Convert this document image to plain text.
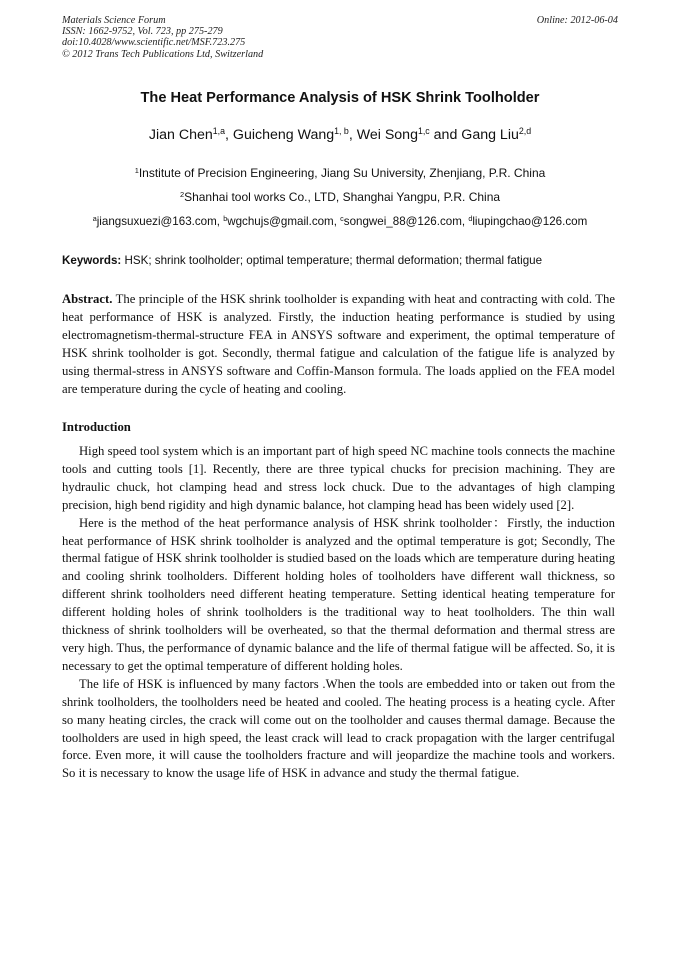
Materials Science Forum
ISSN: 1662-9752, Vol. 723, pp 275-279
doi:10.4028/www.scientific.net/MSF.723.275
© 2012 Trans Tech Publications Ltd, Switzerland
Online: 2012-06-04
The Heat Performance Analysis of HSK Shrink Toolholder
Jian Chen$^{1,a}$, Guicheng Wang$^{1, b}$, Wei Song$^{1,c}$ and Gang Liu$^{2,d}$
$^1$Institute of Precision Engineering, Jiang Su University, Zhenjiang, P.R. China
$^2$Shanhai tool works Co., LTD, Shanghai Yangpu, P.R. China
$^a$jiangsuxuezi@163.com, $^b$wgchujs@gmail.com, $^c$songwei_88@126.com, $^d$liupingchao@126.com
Keywords: HSK; shrink toolholder; optimal temperature; thermal deformation; thermal fatigue

Abstract. The principle of the HSK shrink toolholder is expanding with heat and contracting with cold. The heat performance of HSK is analyzed. Firstly, the induction heating performance is studied by using electromagnetism-thermal-structure FEA in ANSYS software and experiment, the optimal temperature of HSK shrink toolholder is got. Secondly, thermal fatigue and calculation of the fatigue life is analyzed by using thermal-stress in ANSYS software and Coffin-Manson formula. The loads applied on the FEA model are temperature during the cycle of heating and cooling.

Introduction

High speed tool system which is an important part of high speed NC machine tools connects the machine tools and cutting tools [1]. Recently, there are three typical chucks for precision machining. They are hydraulic chuck, hot clamping head and stress lock chuck. Due to the advantages of high clamping precision, high bend rigidity and high dynamic balance, hot clamping head has been widely used [2].

Here is the method of the heat performance analysis of HSK shrink toolholder：Firstly, the induction heat performance of HSK shrink toolholder is analyzed and the optimal temperature is got; Secondly, The thermal fatigue of HSK shrink toolholder is studied based on the loads which are temperature during heating and cooling shrink toolholders. Different holding holes of toolholders have different wall thickness, so different shrink toolholders need different heating temperature. Setting identical heating temperature for different holding holes of shrink toolholders is the traditional way to heat toolholders. The thin wall thickness of shrink toolholders will be overheated, so that the thermal deformation and thermal stress are very high. Thus, the performance of dynamic balance and the life of thermal fatigue will be affected. So, it is necessary to get the optimal temperature of different holding holes.

The life of HSK is influenced by many factors .When the tools are embedded into or taken out from the shrink toolholders, the toolholders need be heated and cooled. The heating process is a heating cycle. After so many heating circles, the crack will come out on the toolholder and causes thermal damage. Because the toolholders are used in high speed, the least crack will lead to crack propagation with the larger centrifugal force. Even more, it will cause the toolholders fracture and will jeopardize the machine tools and workers. So it is necessary to know the usage life of HSK in advance and study the thermal fatigue.
